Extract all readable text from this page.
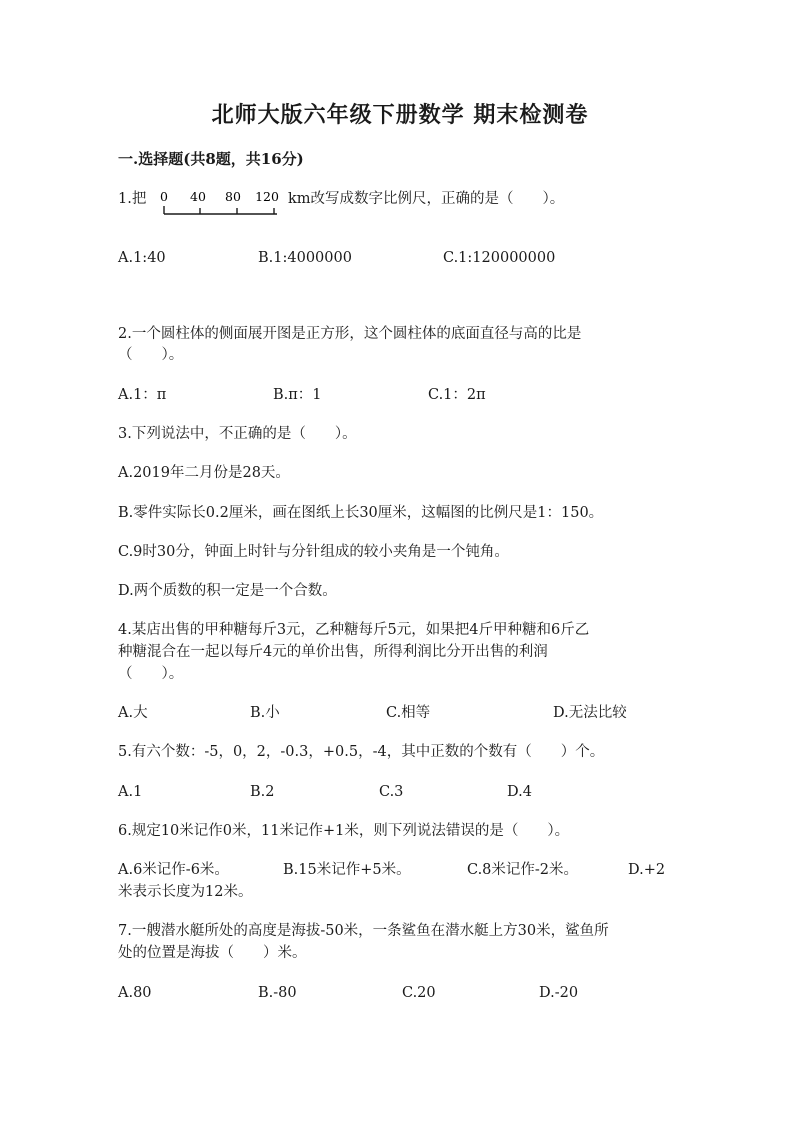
北师大版六年级下册数学 期末检测卷
一.选择题(共8题，共16分)
1.把 0 40 80 120 km改写成数字比例尺，正确的是（　　）。
A.1:40	B.1:4000000	C.1:120000000
2.一个圆柱体的侧面展开图是正方形，这个圆柱体的底面直径与高的比是
（　　）。
A.1：π	B.π：1	C.1：2π
3.下列说法中，不正确的是（　　）。
A.2019年二月份是28天。
B.零件实际长0.2厘米，画在图纸上长30厘米，这幅图的比例尺是1：150。
C.9时30分，钟面上时针与分针组成的较小夹角是一个钝角。
D.两个质数的积一定是一个合数。
4.某店出售的甲种糖每斤3元，乙种糖每斤5元，如果把4斤甲种糖和6斤乙
种糖混合在一起以每斤4元的单价出售，所得利润比分开出售的利润
（　　）。
A.大	B.小	C.相等	D.无法比较
5.有六个数：-5，0，2，-0.3，+0.5，-4，其中正数的个数有（　　）个。
A.1	B.2	C.3	D.4
6.规定10米记作0米，11米记作+1米，则下列说法错误的是（　　）。
A.6米记作-6米。	B.15米记作+5米。	C.8米记作-2米。	D.+2
米表示长度为12米。
7.一艘潜水艇所处的高度是海拔-50米，一条鲨鱼在潜水艇上方30米，鲨鱼所
处的位置是海拔（　　）米。
A.80	B.-80	C.20	D.-20
